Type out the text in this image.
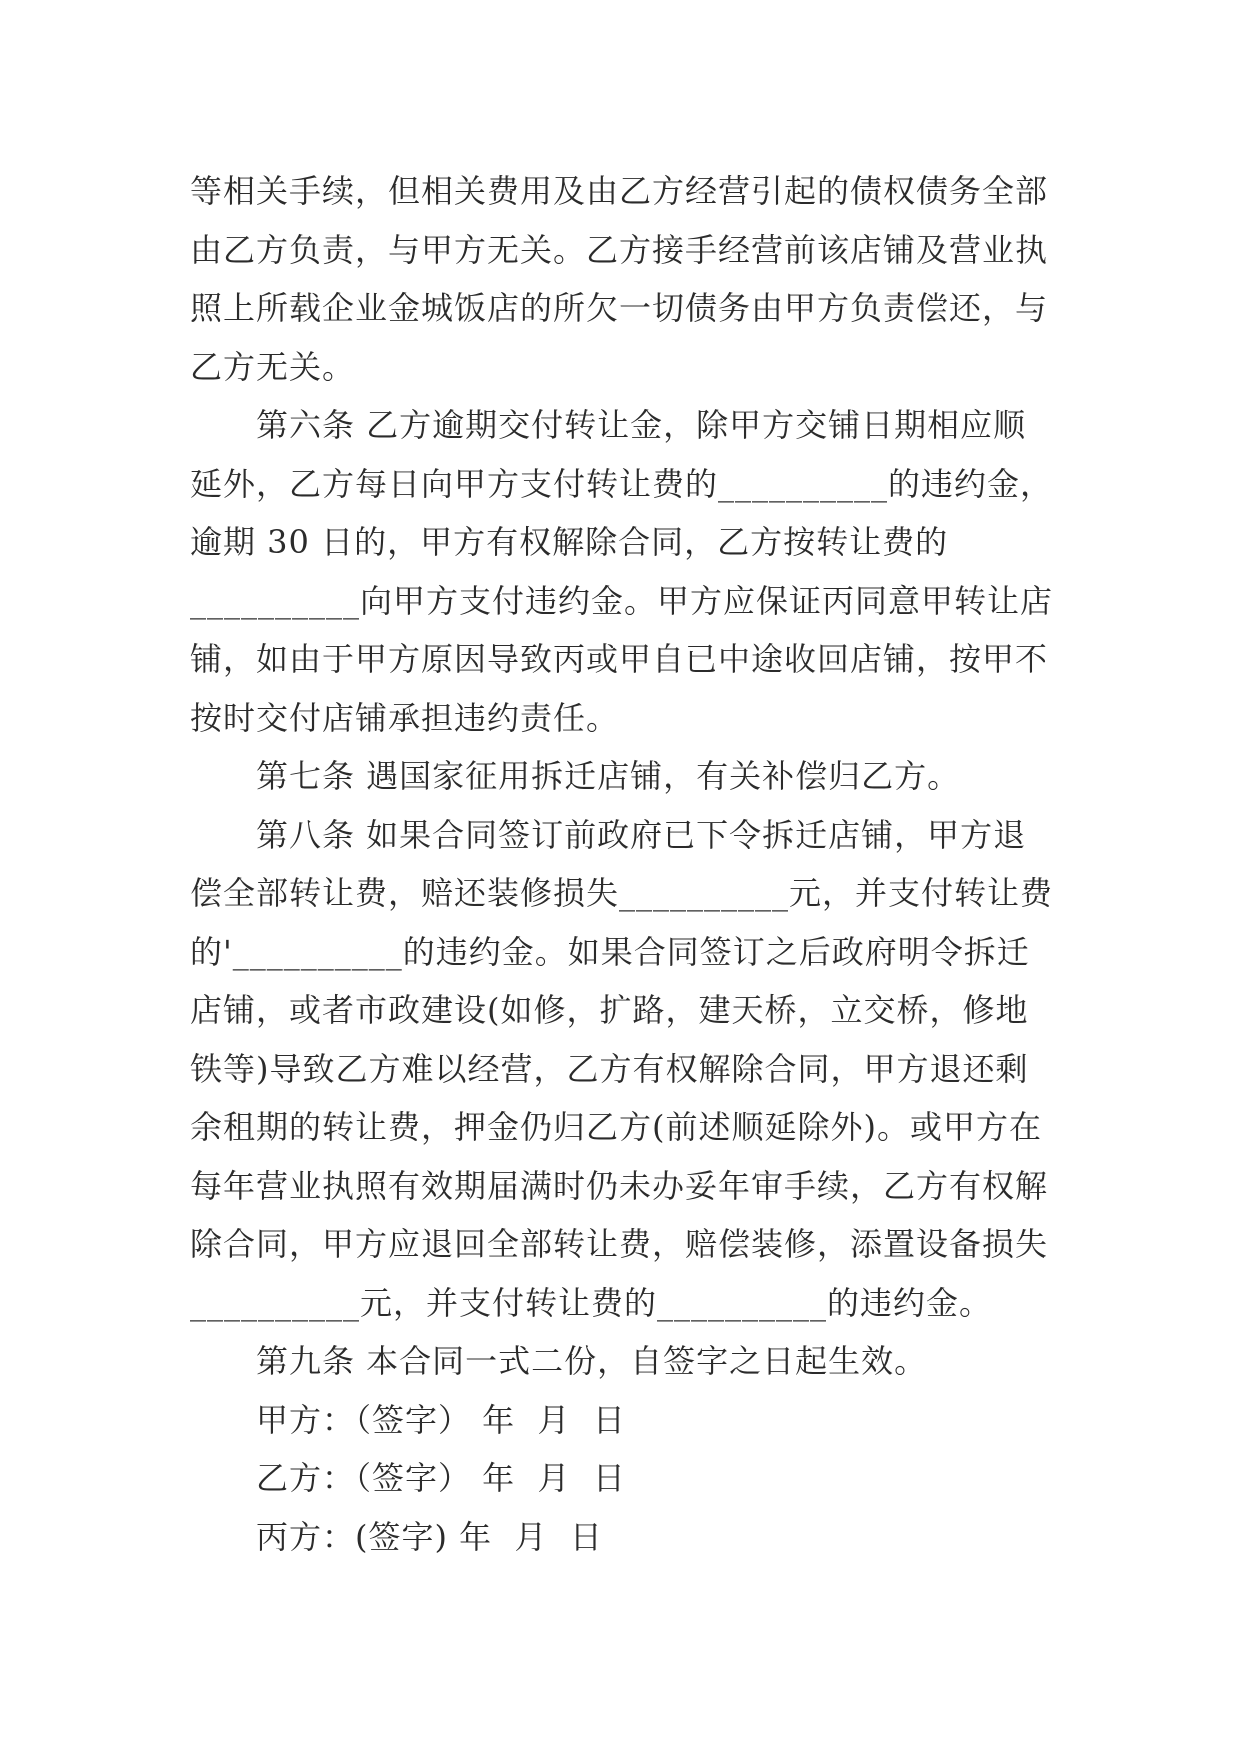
等相关手续，但相关费用及由乙方经营引起的债权债务全部
由乙方负责，与甲方无关。乙方接手经营前该店铺及营业执
照上所载企业金城饭店的所欠一切债务由甲方负责偿还，与
乙方无关。

第六条 乙方逾期交付转让金，除甲方交铺日期相应顺
延外，乙方每日向甲方支付转让费的__________的违约金，
逾期 30 日的，甲方有权解除合同，乙方按转让费的
__________向甲方支付违约金。甲方应保证丙同意甲转让店
铺，如由于甲方原因导致丙或甲自已中途收回店铺，按甲不
按时交付店铺承担违约责任。

第七条 遇国家征用拆迁店铺，有关补偿归乙方。

第八条 如果合同签订前政府已下令拆迁店铺，甲方退
偿全部转让费，赔还装修损失__________元，并支付转让费
的'__________的违约金。如果合同签订之后政府明令拆迁
店铺，或者市政建设(如修，扩路，建天桥，立交桥，修地
铁等)导致乙方难以经营，乙方有权解除合同，甲方退还剩
余租期的转让费，押金仍归乙方(前述顺延除外)。或甲方在
每年营业执照有效期届满时仍未办妥年审手续，乙方有权解
除合同，甲方应退回全部转让费，赔偿装修，添置设备损失
__________元，并支付转让费的__________的违约金。

第九条 本合同一式二份，自签字之日起生效。

甲方：（签字） 年  月  日

乙方：（签字） 年  月  日

丙方：(签字) 年  月  日
